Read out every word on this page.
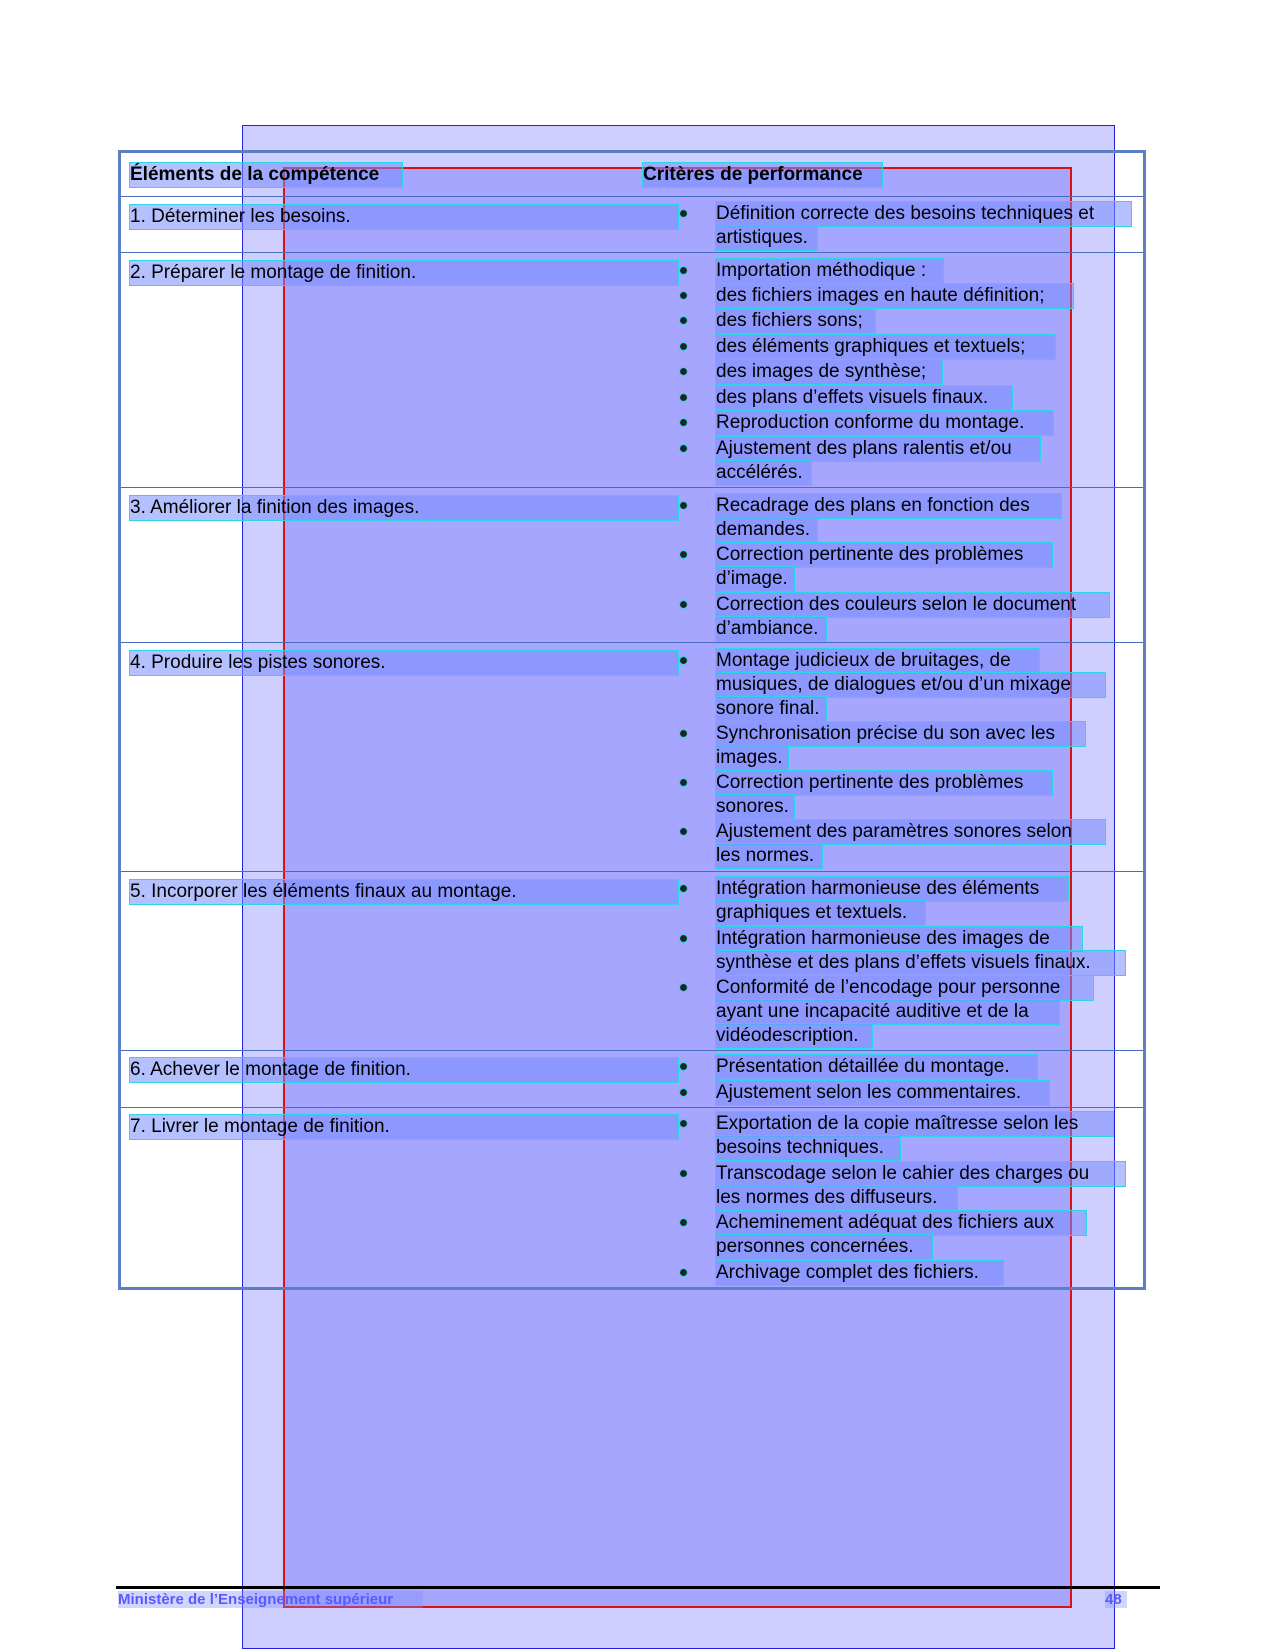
Éléments de la compétence	Critères de performance
1. Déterminer les besoins.	Définition correcte des besoins techniques et
artistiques.
2. Préparer le montage de finition.	Importation méthodique :
des fichiers images en haute définition;
des fichiers sons;
des éléments graphiques et textuels;
des images de synthèse;
des plans d’effets visuels finaux.
Reproduction conforme du montage.
Ajustement des plans ralentis et/ou
accélérés.
3. Améliorer la finition des images.	Recadrage des plans en fonction des
demandes.
Correction pertinente des problèmes
d’image.
Correction des couleurs selon le document
d’ambiance.
4. Produire les pistes sonores.	Montage judicieux de bruitages, de
musiques, de dialogues et/ou d’un mixage
sonore final.
Synchronisation précise du son avec les
images.
Correction pertinente des problèmes
sonores.
Ajustement des paramètres sonores selon
les normes.
5. Incorporer les éléments finaux au montage.	Intégration harmonieuse des éléments
graphiques et textuels.
Intégration harmonieuse des images de
synthèse et des plans d’effets visuels finaux.
Conformité de l’encodage pour personne
ayant une incapacité auditive et de la
vidéodescription.
6. Achever le montage de finition.	Présentation détaillée du montage.
Ajustement selon les commentaires.
7. Livrer le montage de finition.	Exportation de la copie maîtresse selon les
besoins techniques.
Transcodage selon le cahier des charges ou
les normes des diffuseurs.
Acheminement adéquat des fichiers aux
personnes concernées.
Archivage complet des fichiers.
Ministère de l’Enseignement supérieur	48
